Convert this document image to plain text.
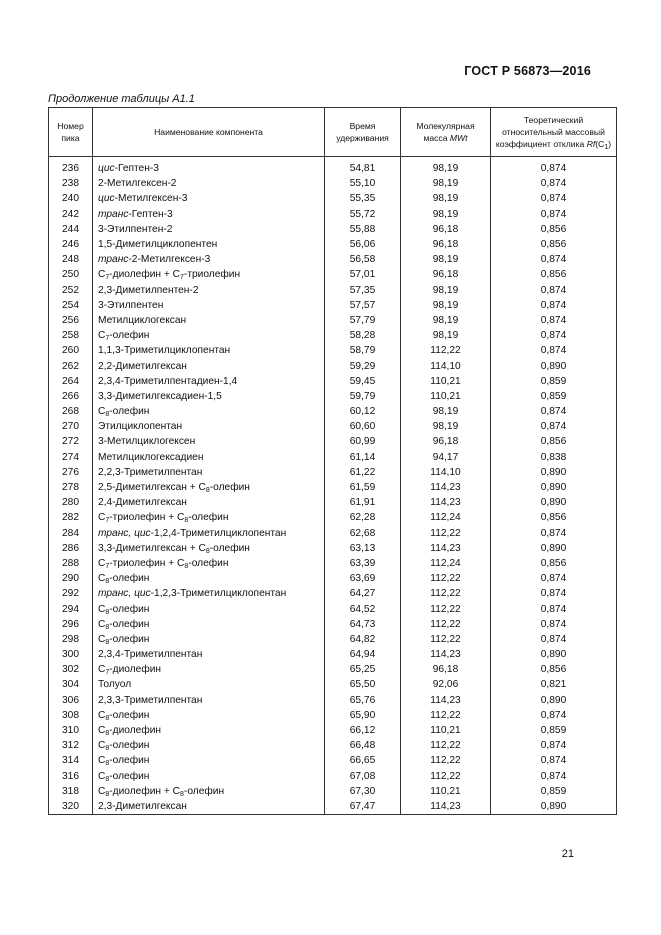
ГОСТ Р 56873—2016
Продолжение таблицы А1.1
Номер пика	Наименование компонента	Время удерживания	Молекулярная масса MWt	Теоретический относительный массовый коэффициент отклика $Rf(С_1)$
236	цис-Гептен-3	54,81	98,19	0,874
238	2-Метилгексен-2	55,10	98,19	0,874
240	цис-Метилгексен-3	55,35	98,19	0,874
242	транс-Гептен-3	55,72	98,19	0,874
244	3-Этилпентен-2	55,88	96,18	0,856
246	1,5-Диметилциклопентен	56,06	96,18	0,856
248	транс-2-Метилгексен-3	56,58	98,19	0,874
250	$С_7$-диолефин + $С_7$-триолефин	57,01	96,18	0,856
252	2,3-Диметилпентен-2	57,35	98,19	0,874
254	3-Этилпентен	57,57	98,19	0,874
256	Метилциклогексан	57,79	98,19	0,874
258	$С_7$-олефин	58,28	98,19	0,874
260	1,1,3-Триметилциклопентан	58,79	112,22	0,874
262	2,2-Диметилгексан	59,29	114,10	0,890
264	2,3,4-Триметилпентадиен-1,4	59,45	110,21	0,859
266	3,3-Диметилгексадиен-1,5	59,79	110,21	0,859
268	$С_8$-олефин	60,12	98,19	0,874
270	Этилциклопентан	60,60	98,19	0,874
272	3-Метилциклогексен	60,99	96,18	0,856
274	Метилциклогексадиен	61,14	94,17	0,838
276	2,2,3-Триметилпентан	61,22	114,10	0,890
278	2,5-Диметилгексан + $С_8$-олефин	61,59	114,23	0,890
280	2,4-Диметилгексан	61,91	114,23	0,890
282	$С_7$-триолефин + $С_8$-олефин	62,28	112,24	0,856
284	транс, цис-1,2,4-Триметилциклопентан	62,68	112,22	0,874
286	3,3-Диметилгексан + $С_8$-олефин	63,13	114,23	0,890
288	$С_7$-триолефин + $С_8$-олефин	63,39	112,24	0,856
290	$С_8$-олефин	63,69	112,22	0,874
292	транс, цис-1,2,3-Триметилциклопентан	64,27	112,22	0,874
294	$С_8$-олефин	64,52	112,22	0,874
296	$С_8$-олефин	64,73	112,22	0,874
298	$С_8$-олефин	64,82	112,22	0,874
300	2,3,4-Триметилпентан	64,94	114,23	0,890
302	$С_7$-диолефин	65,25	96,18	0,856
304	Толуол	65,50	92,06	0,821
306	2,3,3-Триметилпентан	65,76	114,23	0,890
308	$С_8$-олефин	65,90	112,22	0,874
310	$С_8$-диолефин	66,12	110,21	0,859
312	$С_8$-олефин	66,48	112,22	0,874
314	$С_8$-олефин	66,65	112,22	0,874
316	$С_8$-олефин	67,08	112,22	0,874
318	$С_8$-диолефин + $С_8$-олефин	67,30	110,21	0,859
320	2,3-Диметилгексан	67,47	114,23	0,890
21
